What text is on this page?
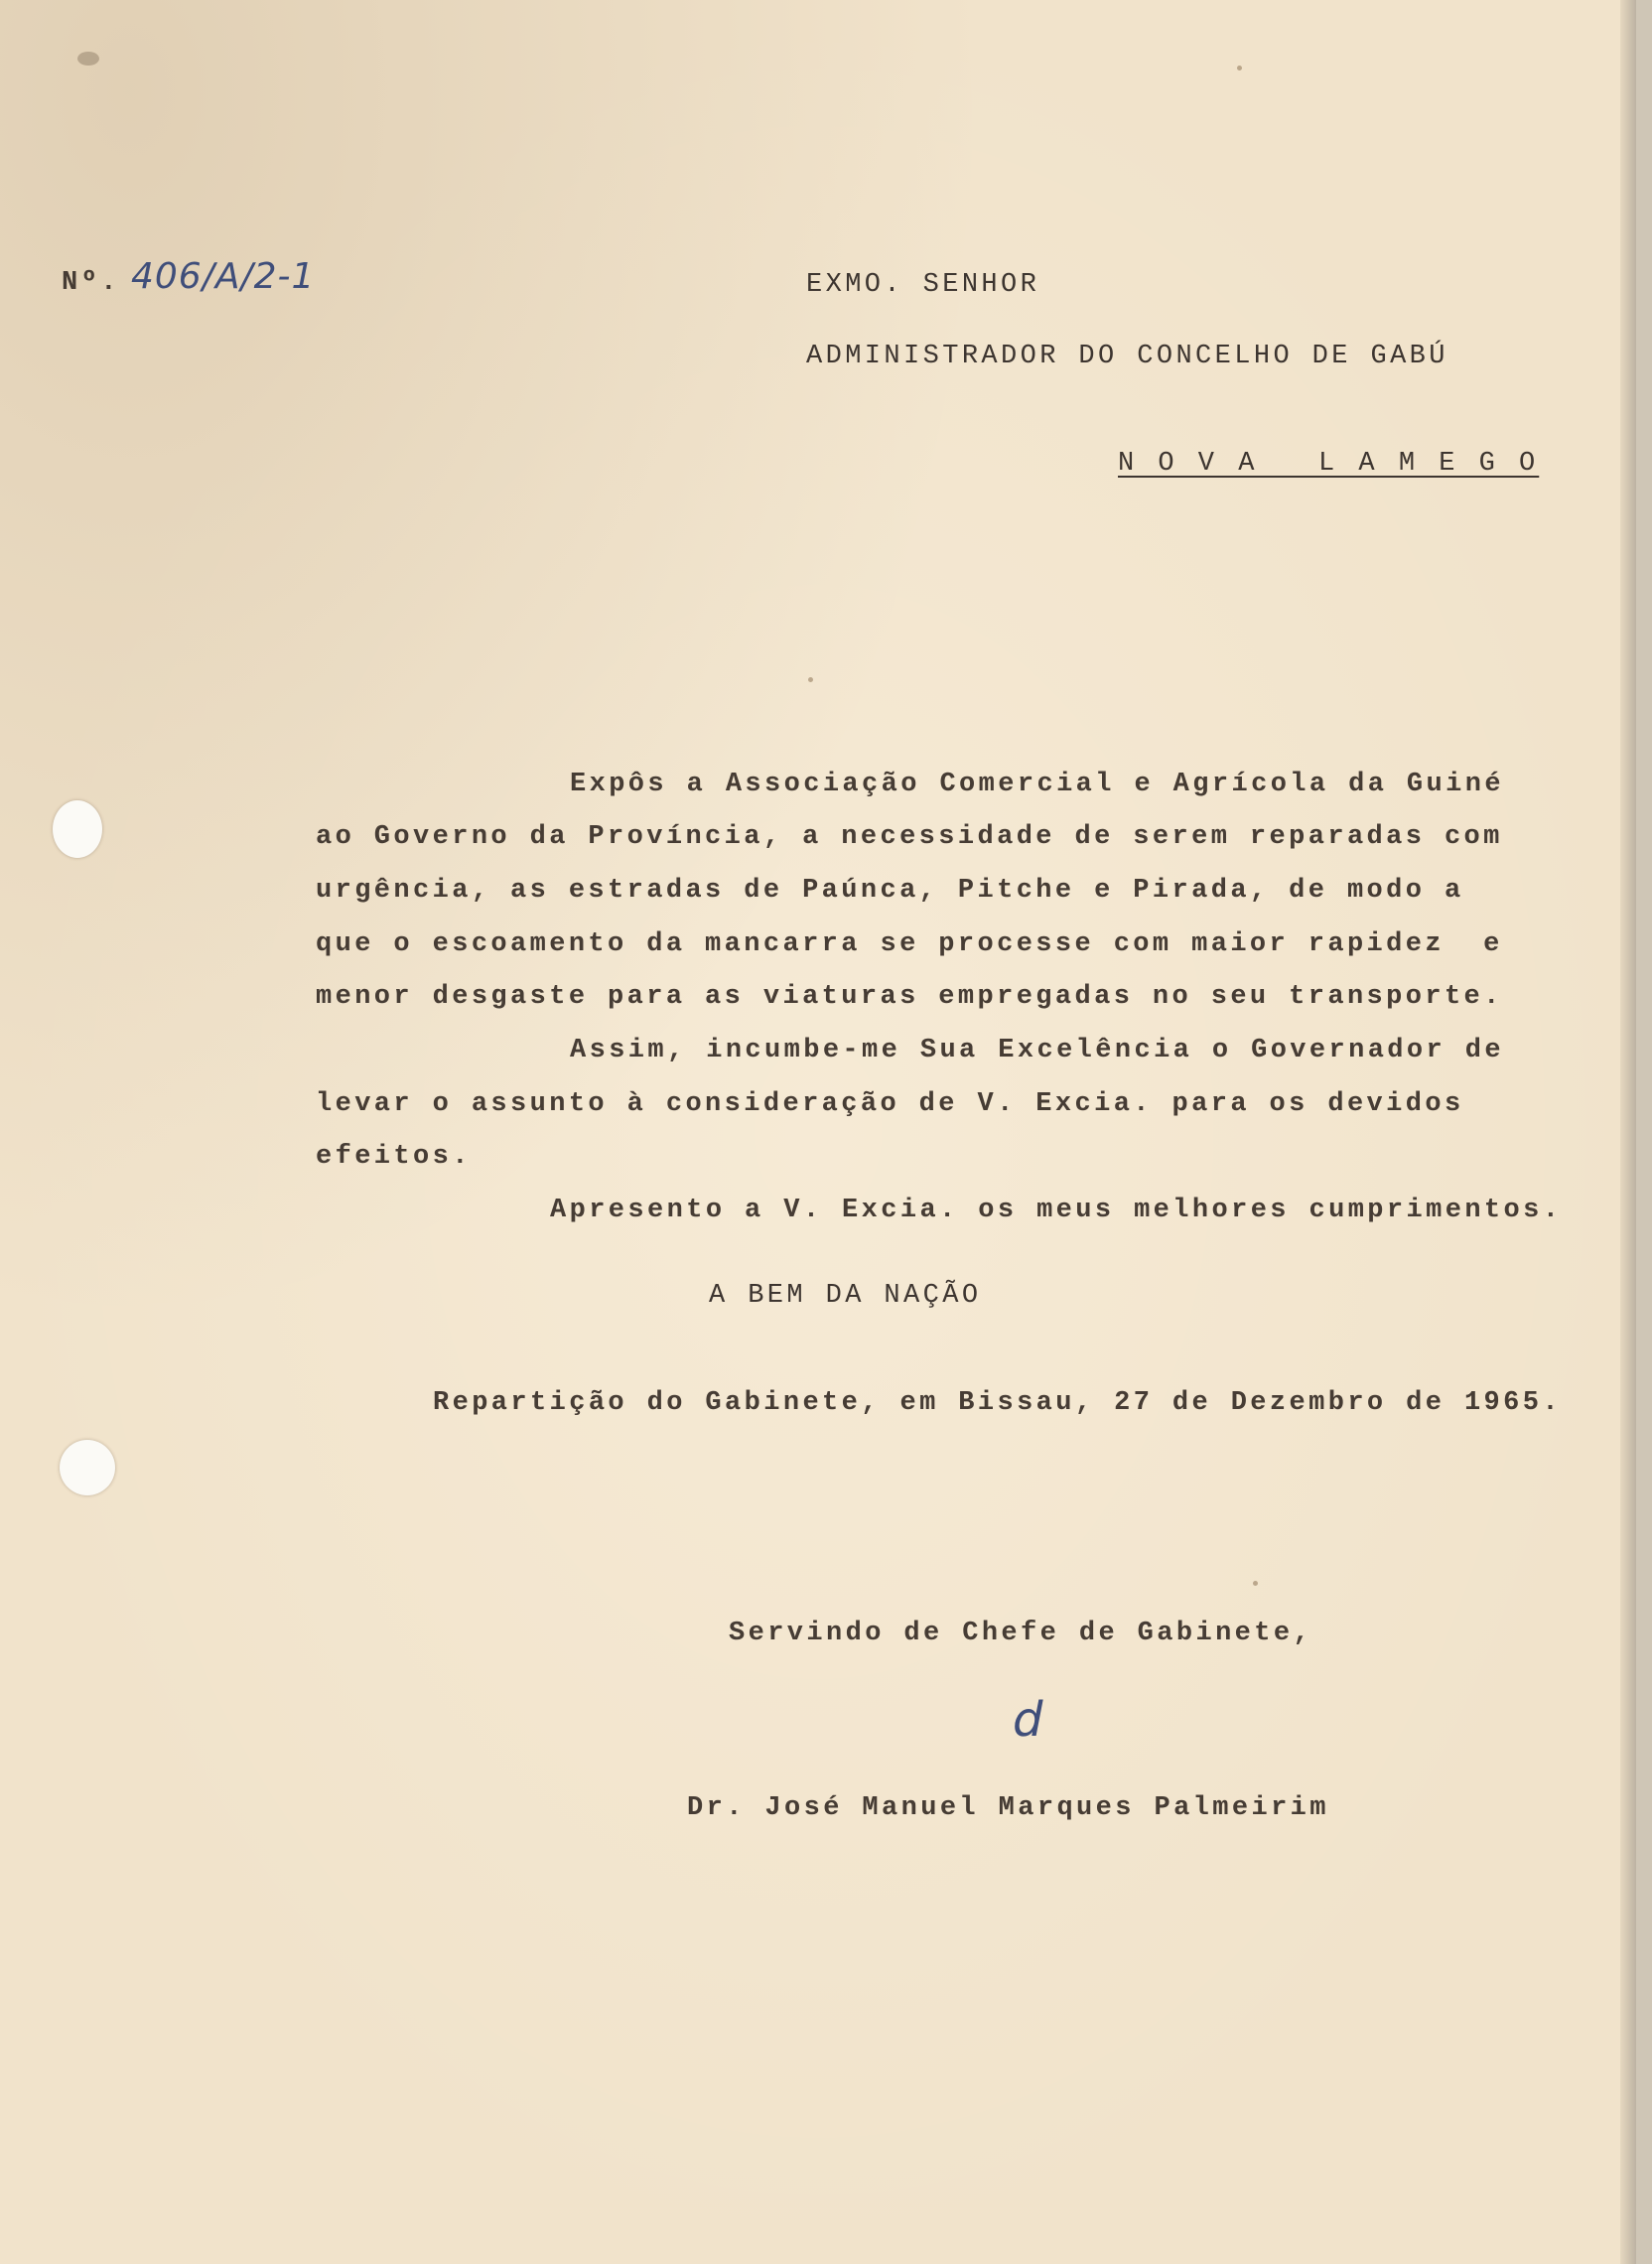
Nº. 406/A/2-1	EXMO. SENHOR
ADMINISTRADOR DO CONCELHO DE GABÚ
N O V A   L A M E G O
Expôs a Associação Comercial e Agrícola da Guiné
ao Governo da Província, a necessidade de serem reparadas com
urgência, as estradas de Paúnca, Pitche e Pirada, de modo a
que o escoamento da mancarra se processe com maior rapidez  e
menor desgaste para as viaturas empregadas no seu transporte.
Assim, incumbe-me Sua Excelência o Governador de
levar o assunto à consideração de V. Excia. para os devidos
efeitos.
Apresento a V. Excia. os meus melhores cumprimentos.
A BEM DA NAÇÃO
Repartição do Gabinete, em Bissau, 27 de Dezembro de 1965.
Servindo de Chefe de Gabinete,
d
Dr. José Manuel Marques Palmeirim
